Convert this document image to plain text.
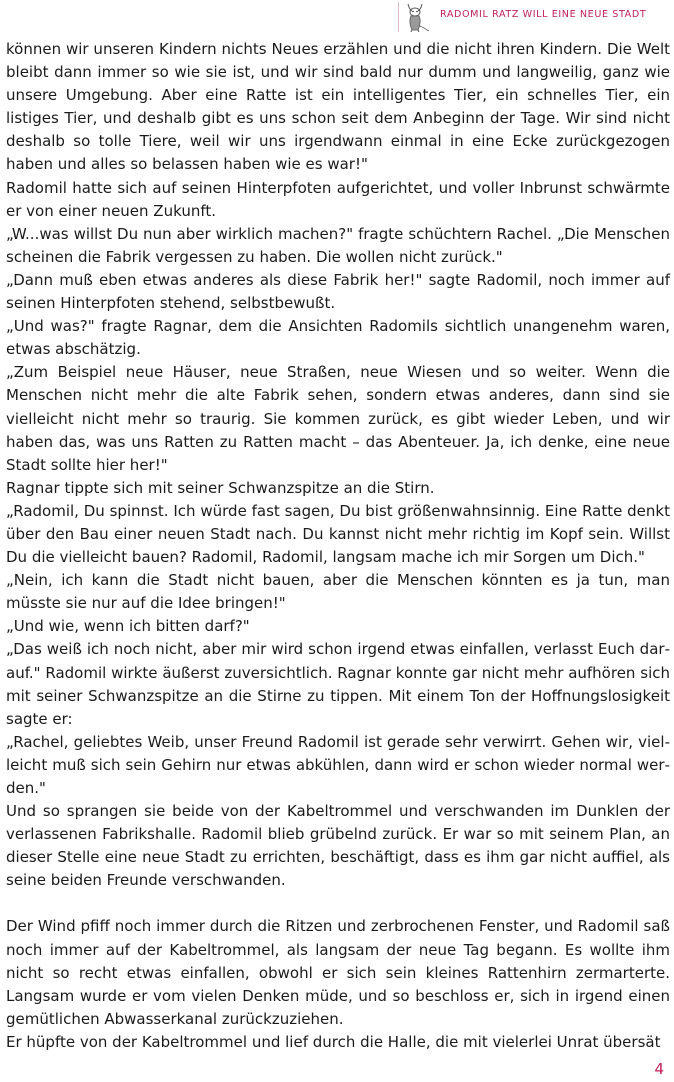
RADOMIL RATZ WILL EINE NEUE STADT

können wir unseren Kindern nichts Neues erzählen und die nicht ihren Kindern. Die Welt bleibt dann immer so wie sie ist, und wir sind bald nur dumm und langweilig, ganz wie unsere Umgebung. Aber eine Ratte ist ein intelligentes Tier, ein schnelles Tier, ein listiges Tier, und deshalb gibt es uns schon seit dem Anbeginn der Tage. Wir sind nicht deshalb so tolle Tiere, weil wir uns irgendwann einmal in eine Ecke zurückgezogen haben und alles so belassen haben wie es war!"

Radomil hatte sich auf seinen Hinterpfoten aufgerichtet, und voller Inbrunst schwärmte er von einer neuen Zukunft.

„W...was willst Du nun aber wirklich machen?" fragte schüchtern Rachel. „Die Menschen scheinen die Fabrik vergessen zu haben. Die wollen nicht zurück."

„Dann muß eben etwas anderes als diese Fabrik her!" sagte Radomil, noch immer auf seinen Hinterpfoten stehend, selbstbewußt.

„Und was?" fragte Ragnar, dem die Ansichten Radomils sichtlich unangenehm waren, etwas abschätzig.

„Zum Beispiel neue Häuser, neue Straßen, neue Wiesen und so weiter. Wenn die Menschen nicht mehr die alte Fabrik sehen, sondern etwas anderes, dann sind sie vielleicht nicht mehr so traurig. Sie kommen zurück, es gibt wieder Leben, und wir haben das, was uns Ratten zu Ratten macht – das Abenteuer. Ja, ich denke, eine neue Stadt sollte hier her!"

Ragnar tippte sich mit seiner Schwanzspitze an die Stirn.

„Radomil, Du spinnst. Ich würde fast sagen, Du bist größenwahnsinnig. Eine Ratte denkt über den Bau einer neuen Stadt nach. Du kannst nicht mehr richtig im Kopf sein. Willst Du die vielleicht bauen? Radomil, Radomil, langsam mache ich mir Sorgen um Dich."

„Nein, ich kann die Stadt nicht bauen, aber die Menschen könnten es ja tun, man müsste sie nur auf die Idee bringen!"

„Und wie, wenn ich bitten darf?"

„Das weiß ich noch nicht, aber mir wird schon irgend etwas einfallen, verlasst Euch darauf." Radomil wirkte äußerst zuversichtlich. Ragnar konnte gar nicht mehr aufhören sich mit seiner Schwanzspitze an die Stirne zu tippen. Mit einem Ton der Hoffnungslosigkeit sagte er:

„Rachel, geliebtes Weib, unser Freund Radomil ist gerade sehr verwirrt. Gehen wir, vielleicht muß sich sein Gehirn nur etwas abkühlen, dann wird er schon wieder normal werden."

Und so sprangen sie beide von der Kabeltrommel und verschwanden im Dunklen der verlassenen Fabrikshalle. Radomil blieb grübelnd zurück. Er war so mit seinem Plan, an dieser Stelle eine neue Stadt zu errichten, beschäftigt, dass es ihm gar nicht auffiel, als seine beiden Freunde verschwanden.

Der Wind pfiff noch immer durch die Ritzen und zerbrochenen Fenster, und Radomil saß noch immer auf der Kabeltrommel, als langsam der neue Tag begann. Es wollte ihm nicht so recht etwas einfallen, obwohl er sich sein kleines Rattenhirn zermarterte. Langsam wurde er vom vielen Denken müde, und so beschloss er, sich in irgend einen gemütlichen Abwasserkanal zurückzuziehen.

Er hüpfte von der Kabeltrommel und lief durch die Halle, die mit vielerlei Unrat übersät

4
